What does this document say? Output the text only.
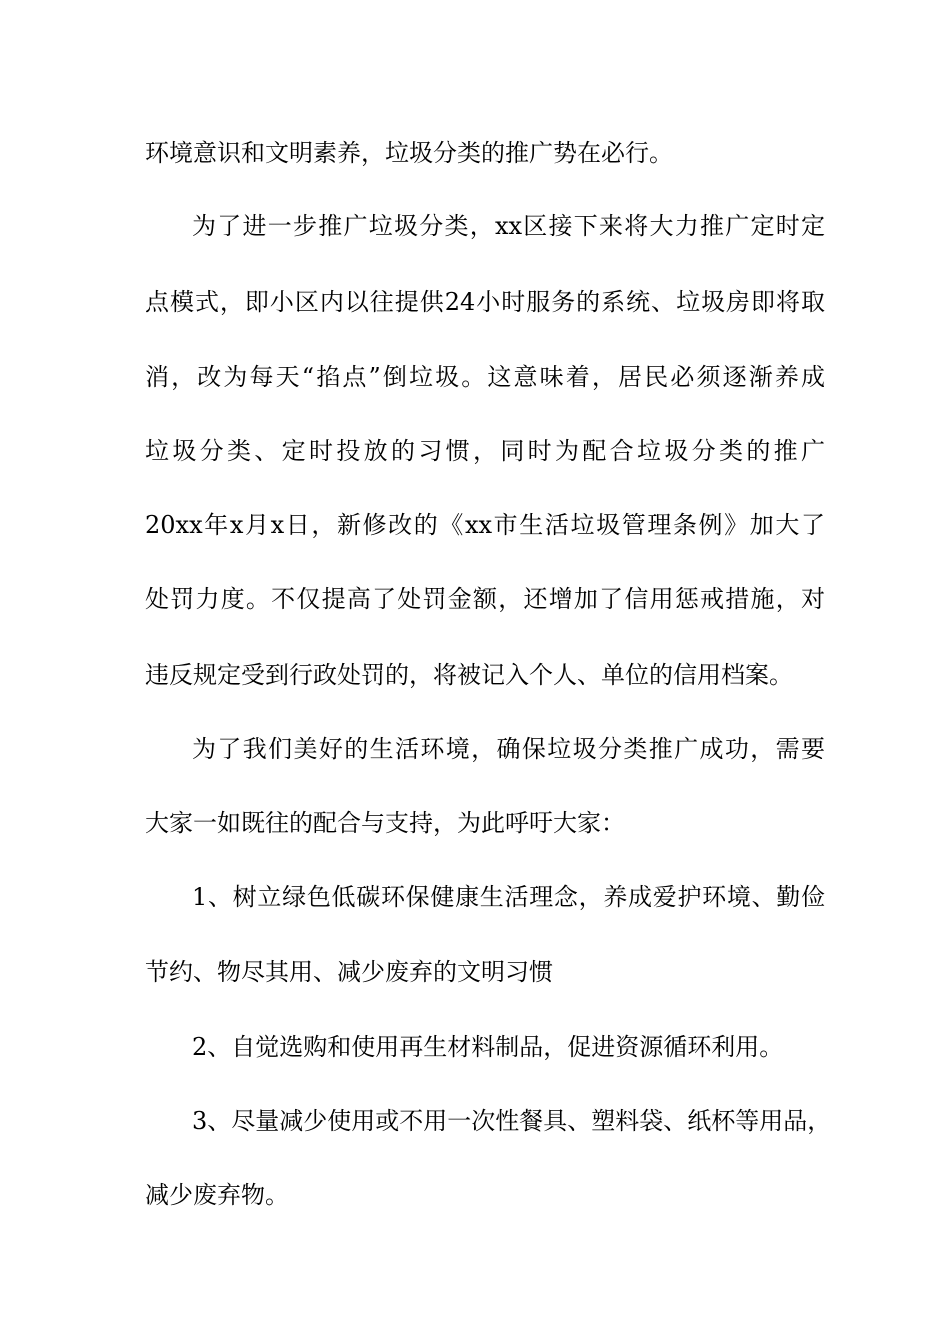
环境意识和文明素养，垃圾分类的推广势在必行。
为了进一步推广垃圾分类，xx区接下来将大力推广定时定
点模式，即小区内以往提供24小时服务的系统、垃圾房即将取
消，改为每天“掐点”倒垃圾。这意味着，居民必须逐渐养成
垃圾分类、定时投放的习惯，同时为配合垃圾分类的推广
20xx年x月x日，新修改的《xx市生活垃圾管理条例》加大了
处罚力度。不仅提高了处罚金额，还增加了信用惩戒措施，对
违反规定受到行政处罚的，将被记入个人、单位的信用档案。
为了我们美好的生活环境，确保垃圾分类推广成功，需要
大家一如既往的配合与支持，为此呼吁大家：
1、树立绿色低碳环保健康生活理念，养成爱护环境、勤俭
节约、物尽其用、减少废弃的文明习惯
2、自觉选购和使用再生材料制品，促进资源循环利用。
3、尽量减少使用或不用一次性餐具、塑料袋、纸杯等用品，
减少废弃物。
